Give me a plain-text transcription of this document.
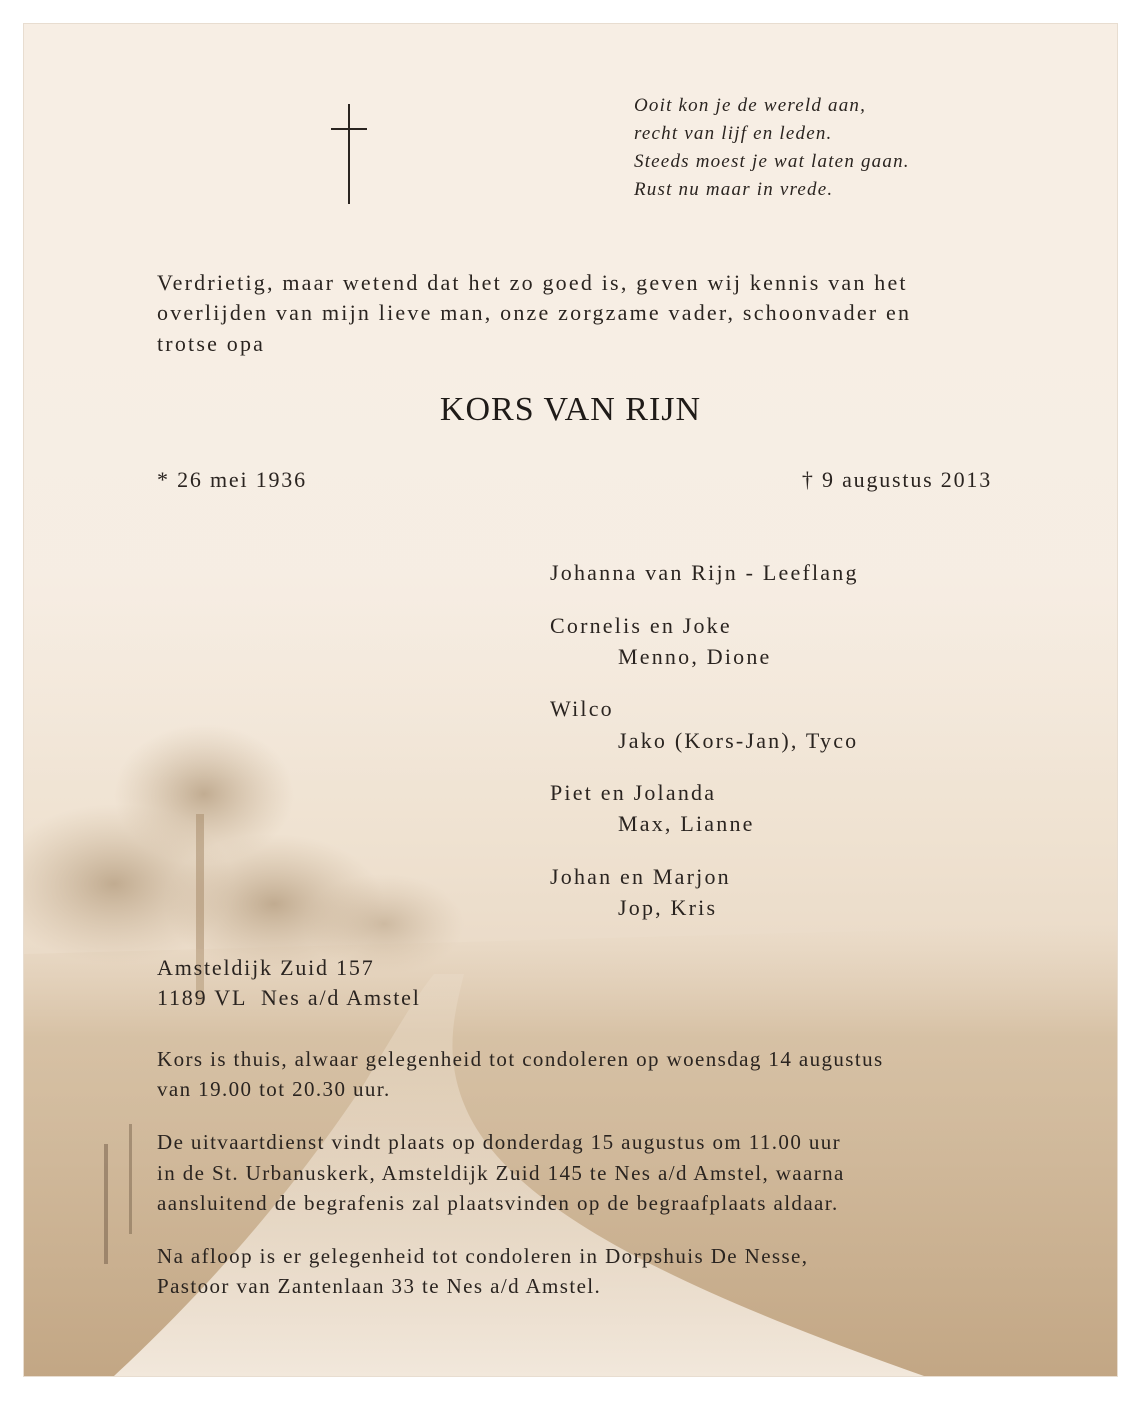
Ooit kon je de wereld aan,
recht van lijf en leden.
Steeds moest je wat laten gaan.
Rust nu maar in vrede.
Verdrietig, maar wetend dat het zo goed is, geven wij kennis van het
overlijden van mijn lieve man, onze zorgzame vader, schoonvader en
trotse opa
KORS VAN RIJN
* 26 mei 1936	† 9 augustus 2013
Johanna van Rijn - Leeflang
Cornelis en Joke
Menno, Dione
Wilco
Jako (Kors-Jan), Tyco
Piet en Jolanda
Max, Lianne
Johan en Marjon
Jop, Kris
Amsteldijk Zuid 157
1189 VL  Nes a/d Amstel
Kors is thuis, alwaar gelegenheid tot condoleren op woensdag 14 augustus
van 19.00 tot 20.30 uur.
De uitvaartdienst vindt plaats op donderdag 15 augustus om 11.00 uur
in de St. Urbanuskerk, Amsteldijk Zuid 145 te Nes a/d Amstel, waarna
aansluitend de begrafenis zal plaatsvinden op de begraafplaats aldaar.
Na afloop is er gelegenheid tot condoleren in Dorpshuis De Nesse,
Pastoor van Zantenlaan 33 te Nes a/d Amstel.
